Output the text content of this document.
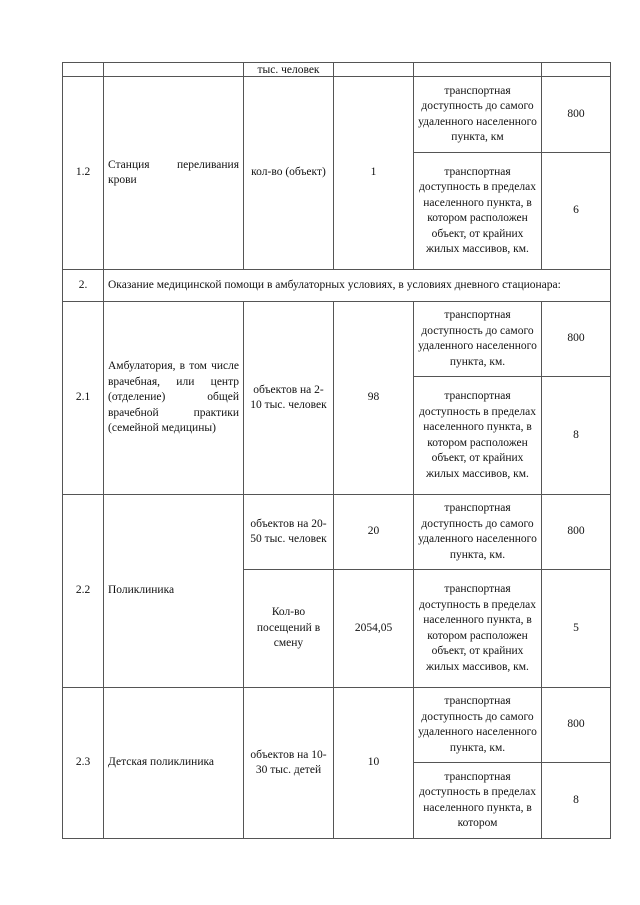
		тыс. человек			
1.2	Станция переливания крови	кол-во (объект)	1	транспортная доступность до самого удаленного населенного пункта, км	800
				транспортная доступность в пределах населенного пункта, в котором расположен объект, от крайних жилых массивов, км.	6
2.	Оказание медицинской помощи в амбулаторных условиях, в условиях дневного стационара:				
2.1	Амбулатория, в том числе врачебная, или центр (отделение) общей врачебной практики (семейной медицины)	объектов на 2-10 тыс. человек	98	транспортная доступность до самого удаленного населенного пункта, км.	800
				транспортная доступность в пределах населенного пункта, в котором расположен объект, от крайних жилых массивов, км.	8
2.2	Поликлиника	объектов на 20-50 тыс. человек	20	транспортная доступность до самого удаленного населенного пункта, км.	800
		Кол-во посещений в смену	2054,05	транспортная доступность в пределах населенного пункта, в котором расположен объект, от крайних жилых массивов, км.	5
2.3	Детская поликлиника	объектов на 10-30 тыс. детей	10	транспортная доступность до самого удаленного населенного пункта, км.	800
				транспортная доступность в пределах населенного пункта, в котором	8
